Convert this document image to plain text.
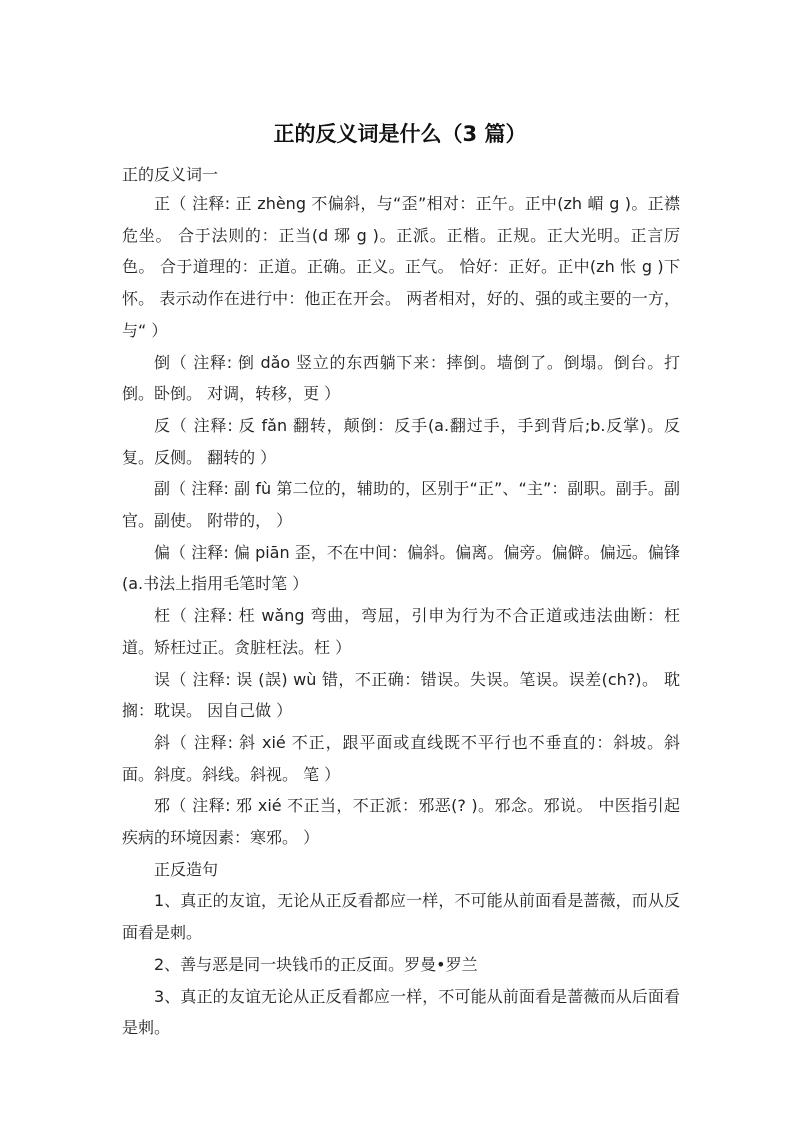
正的反义词是什么（3 篇）
正的反义词一

正（ 注释: 正 zhèng 不偏斜，与“歪”相对：正午。正中(zh 嵋 g )。正襟危坐。 合于法则的：正当(d 琊 g )。正派。正楷。正规。正大光明。正言厉色。 合于道理的：正道。正确。正义。正气。 恰好：正好。正中(zh 怅 g )下怀。 表示动作在进行中：他正在开会。 两者相对，好的、强的或主要的一方，与“ ）

倒（ 注释: 倒 dǎo 竖立的东西躺下来：摔倒。墙倒了。倒塌。倒台。打倒。卧倒。 对调，转移，更 ）

反（ 注释: 反 fǎn 翻转，颠倒：反手(a.翻过手，手到背后;b.反掌)。反复。反侧。 翻转的 ）

副（ 注释: 副 fù 第二位的，辅助的，区别于“正”、“主”：副职。副手。副官。副使。 附带的， ）

偏（ 注释: 偏 piān 歪，不在中间：偏斜。偏离。偏旁。偏僻。偏远。偏锋(a.书法上指用毛笔时笔 ）

枉（ 注释: 枉 wǎng 弯曲，弯屈，引申为行为不合正道或违法曲断：枉道。矫枉过正。贪脏枉法。枉 ）

误（ 注释: 误 (誤) wù 错，不正确：错误。失误。笔误。误差(ch?)。 耽搁：耽误。 因自己做 ）

斜（ 注释: 斜 xié 不正，跟平面或直线既不平行也不垂直的：斜坡。斜面。斜度。斜线。斜视。 笔 ）

邪（ 注释: 邪 xié 不正当，不正派：邪恶(? )。邪念。邪说。 中医指引起疾病的环境因素：寒邪。 ）

正反造句

1、真正的友谊，无论从正反看都应一样，不可能从前面看是蔷薇，而从反面看是刺。

2、善与恶是同一块钱币的正反面。罗曼•罗兰

3、真正的友谊无论从正反看都应一样，不可能从前面看是蔷薇而从后面看是刺。
